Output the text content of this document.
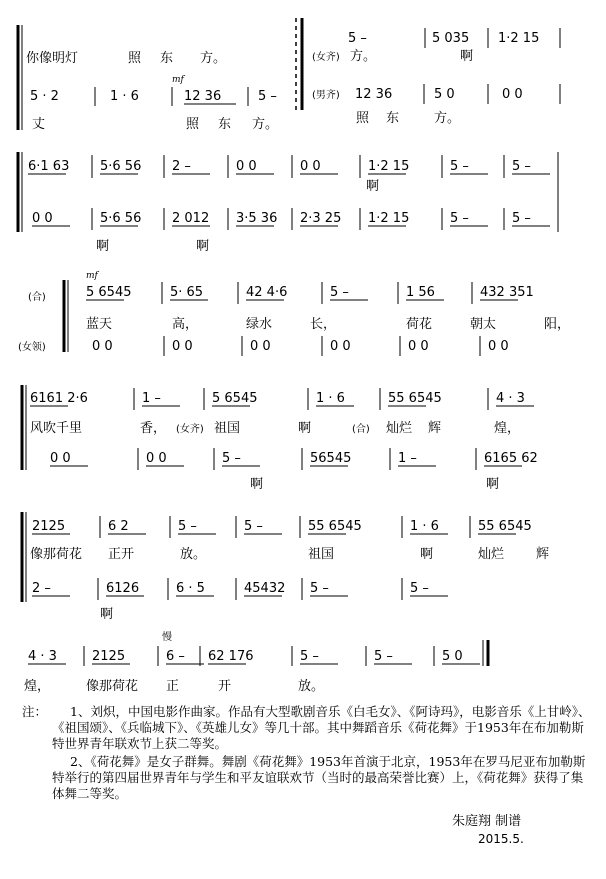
你像明灯	照 东 方。
5 · 2	1 · 6
mf
12 36	5 –
丈	照 东 方。
5 –	5 035 1·2 15
(女齐) 方。	啊
(男齐) 12 36	5 0	0 0
照 东	方。
6·1 63 5·6 56 2 –	0 0	0 0	1·2 15	5 –	5 –
0 0	5·6 56 2 012 3·5 36 2·3 25 1·2 15	5 –	5 –
啊
啊	啊
(合)
(女领)
mf
5 6545	5· 65	42 4·6	5 –	1 56	432 351
0 0	0 0	0 0	0 0	0 0	0 0
蓝天	高，	绿水	长，	荷花	朝太	阳，
6161 2·6	1 –	5 6545	1 · 6	55 6545	4 · 3
0 0	0 0	5 –	56545	1 –	6165 62
风吹千里	香， (女齐) 祖国	啊	(合) 灿烂 辉	煌，
啊	啊
2125	6 2	5 –	5 –	55 6545	1 · 6	55 6545
2 –	6126	6 · 5	45432 5 –	5 –
像那荷花 正开	放。	祖国	啊	灿烂 辉
啊
慢
4 · 3	2125	6 – 62 176	5 –	5 –	5 0
煌，	像那荷花 正	开	放。
注：	1、刘炽，中国电影作曲家。作品有大型歌剧音乐《白毛女》、《阿诗玛》，电影音乐《上甘岭》、《祖国颂》、《兵临城下》、《英雄儿女》等几十部。其中舞蹈音乐《荷花舞》于1953年在布加勒斯特世界青年联欢节上获二等奖。

2、《荷花舞》是女子群舞。舞剧《荷花舞》1953年首演于北京，1953年在罗马尼亚布加勒斯特举行的第四届世界青年与学生和平友谊联欢节（当时的最高荣誉比赛）上，《荷花舞》获得了集体舞二等奖。

朱庭翔 制谱
2015.5.
